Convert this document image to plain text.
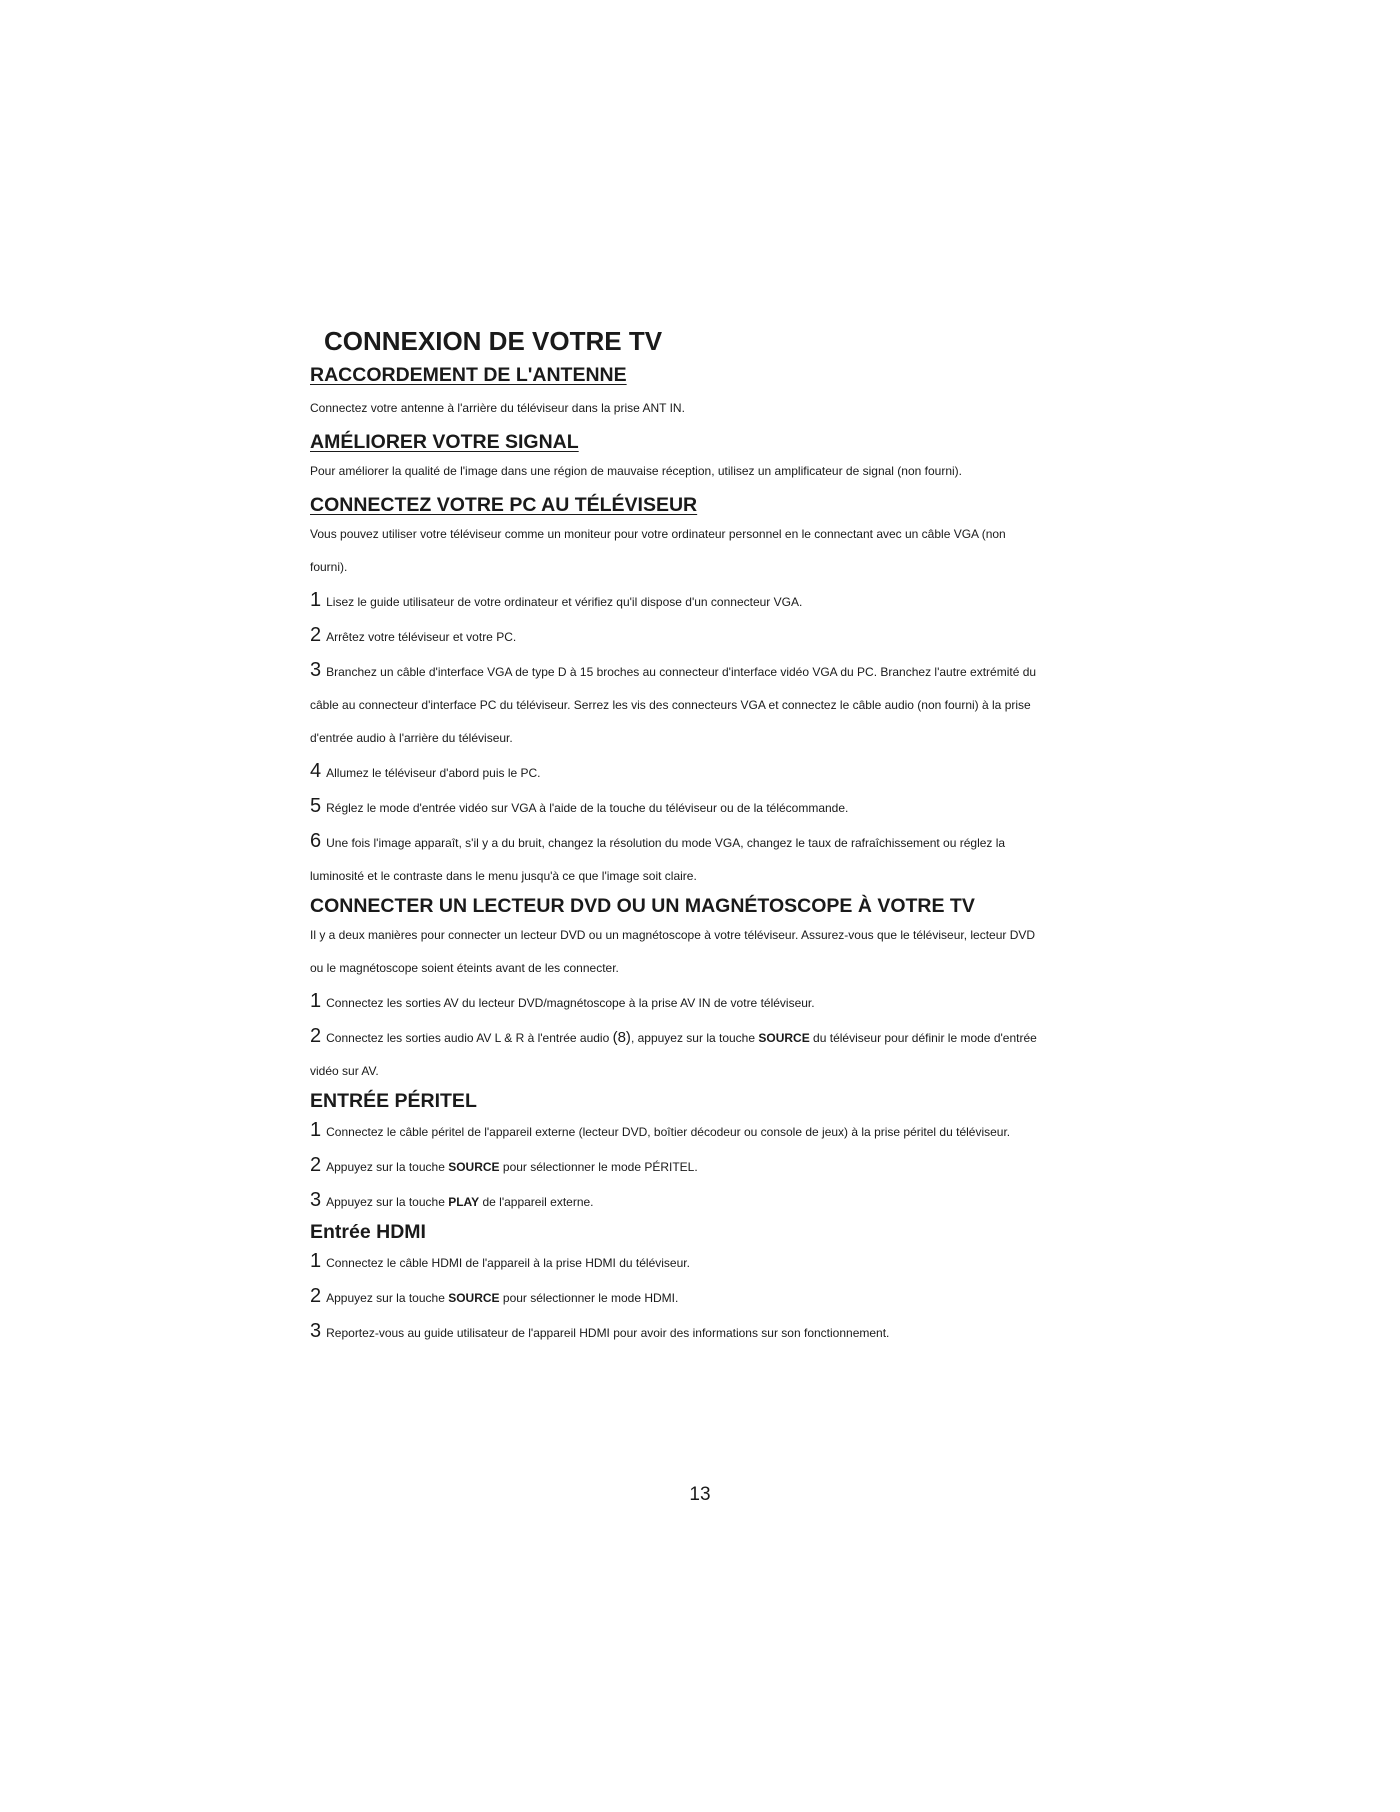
CONNEXION DE VOTRE TV
RACCORDEMENT DE L'ANTENNE

Connectez votre antenne à l'arrière du téléviseur dans la prise ANT IN.

AMÉLIORER VOTRE SIGNAL

Pour améliorer la qualité de l'image dans une région de mauvaise réception, utilisez un amplificateur de signal (non fourni).

CONNECTEZ VOTRE PC AU TÉLÉVISEUR

Vous pouvez utiliser votre téléviseur comme un moniteur pour votre ordinateur personnel en le connectant avec un câble VGA (non

fourni).

1 Lisez le guide utilisateur de votre ordinateur et vérifiez qu'il dispose d'un connecteur VGA.
2 Arrêtez votre téléviseur et votre PC.
3 Branchez un câble d'interface VGA de type D à 15 broches au connecteur d'interface vidéo VGA du PC. Branchez l'autre extrémité du
câble au connecteur d'interface PC du téléviseur. Serrez les vis des connecteurs VGA et connectez le câble audio (non fourni) à la prise
d'entrée audio à l'arrière du téléviseur.
4 Allumez le téléviseur d'abord puis le PC.
5 Réglez le mode d'entrée vidéo sur VGA à l'aide de la touche du téléviseur ou de la télécommande.
6 Une fois l'image apparaît, s'il y a du bruit, changez la résolution du mode VGA, changez le taux de rafraîchissement ou réglez la
luminosité et le contraste dans le menu jusqu'à ce que l'image soit claire.
CONNECTER UN LECTEUR DVD OU UN MAGNÉTOSCOPE À VOTRE TV

Il y a deux manières pour connecter un lecteur DVD ou un magnétoscope à votre téléviseur. Assurez-vous que le téléviseur, lecteur DVD

ou le magnétoscope soient éteints avant de les connecter.

1 Connectez les sorties AV du lecteur DVD/magnétoscope à la prise AV IN de votre téléviseur.
2 Connectez les sorties audio AV L & R à l'entrée audio (8), appuyez sur la touche SOURCE du téléviseur pour définir le mode d'entrée
vidéo sur AV.
ENTRÉE PÉRITEL
1 Connectez le câble péritel de l'appareil externe (lecteur DVD, boîtier décodeur ou console de jeux) à la prise péritel du téléviseur.
2 Appuyez sur la touche SOURCE pour sélectionner le mode PÉRITEL.
3 Appuyez sur la touche PLAY de l'appareil externe.
Entrée HDMI
1 Connectez le câble HDMI de l'appareil à la prise HDMI du téléviseur.
2 Appuyez sur la touche SOURCE pour sélectionner le mode HDMI.
3 Reportez-vous au guide utilisateur de l'appareil HDMI pour avoir des informations sur son fonctionnement.
13
